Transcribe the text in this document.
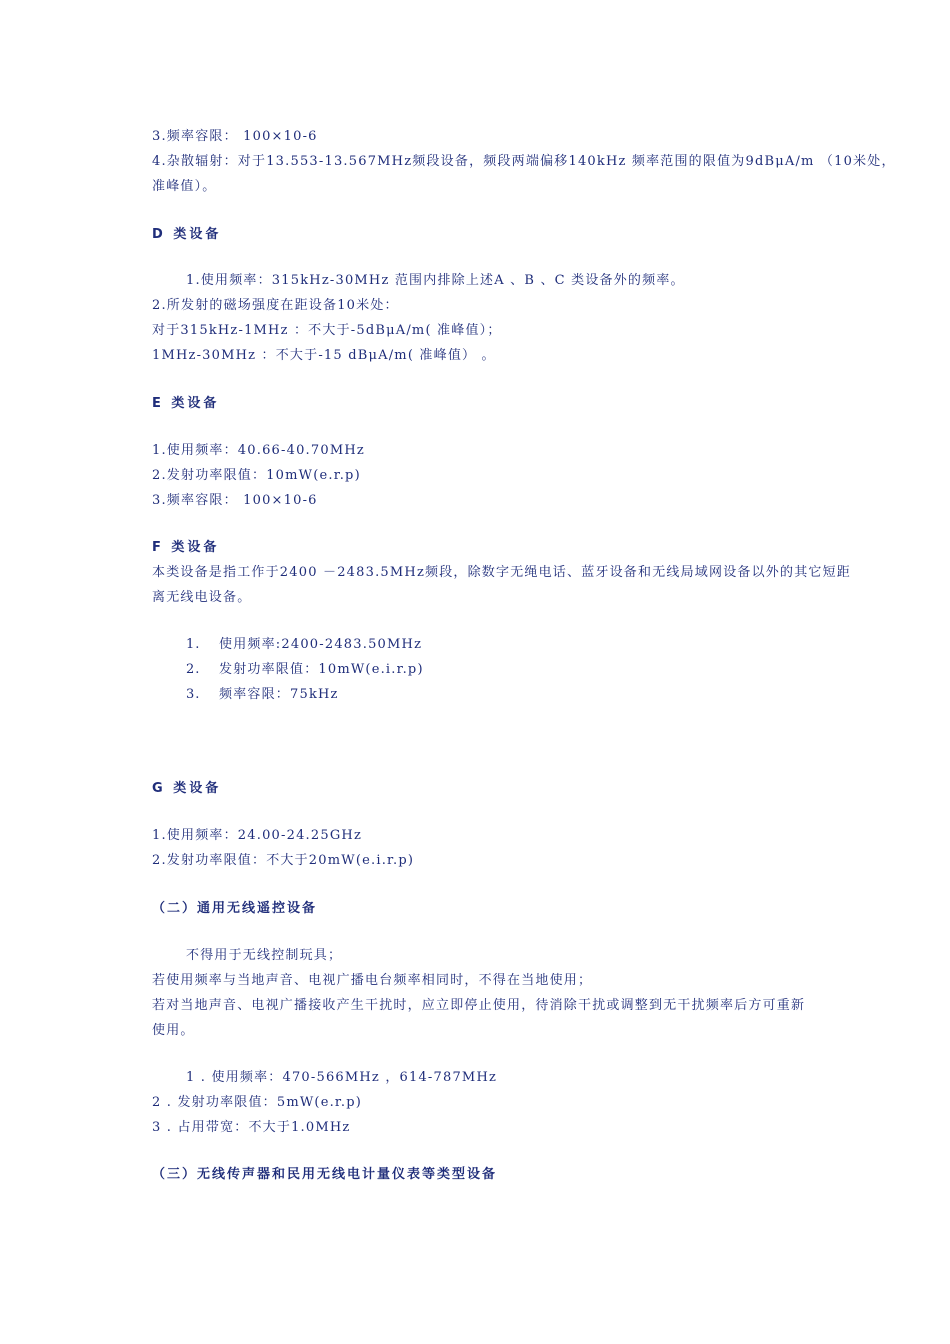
3.频率容限： 100×10-6
4.杂散辐射：对于13.553-13.567MHz频段设备，频段两端偏移140kHz 频率范围的限值为9dBμA/m （10米处，
准峰值）。
D 类设备
1.使用频率：315kHz-30MHz 范围内排除上述A 、B 、C 类设备外的频率。
2.所发射的磁场强度在距设备10米处：
对于315kHz-1MHz ：不大于-5dBμA/m( 准峰值）；
1MHz-30MHz ：不大于-15 dBμA/m( 准峰值） 。
E 类设备
1.使用频率：40.66-40.70MHz
2.发射功率限值：10mW(e.r.p)
3.频率容限： 100×10-6
F 类设备
本类设备是指工作于2400 －2483.5MHz频段，除数字无绳电话、蓝牙设备和无线局域网设备以外的其它短距
离无线电设备。
1. 使用频率:2400-2483.50MHz
2. 发射功率限值：10mW(e.i.r.p)
3. 频率容限：75kHz
G 类设备
1.使用频率：24.00-24.25GHz
2.发射功率限值：不大于20mW(e.i.r.p)
（二）通用无线遥控设备
不得用于无线控制玩具；
若使用频率与当地声音、电视广播电台频率相同时，不得在当地使用；
若对当地声音、电视广播接收产生干扰时，应立即停止使用，待消除干扰或调整到无干扰频率后方可重新
使用。
1 . 使用频率：470-566MHz ，614-787MHz
2 . 发射功率限值：5mW(e.r.p)
3 . 占用带宽：不大于1.0MHz
（三）无线传声器和民用无线电计量仪表等类型设备
